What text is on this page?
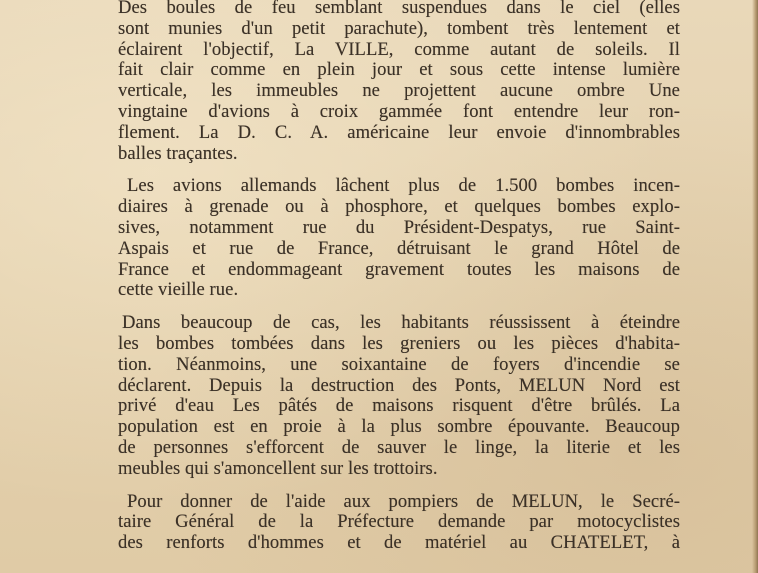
Des boules de feu semblant suspendues dans le ciel (elles
sont munies d'un petit parachute), tombent très lentement et
éclairent l'objectif, La VILLE, comme autant de soleils. Il
fait clair comme en plein jour et sous cette intense lumière
verticale, les immeubles ne projettent aucune ombre Une
vingtaine d'avions à croix gammée font entendre leur ron-
flement. La D. C. A. américaine leur envoie d'innombrables
balles traçantes.

Les avions allemands lâchent plus de 1.500 bombes incen-
diaires à grenade ou à phosphore, et quelques bombes explo-
sives, notamment rue du Président-Despatys, rue Saint-
Aspais et rue de France, détruisant le grand Hôtel de
France et endommageant gravement toutes les maisons de
cette vieille rue.

Dans beaucoup de cas, les habitants réussissent à éteindre
les bombes tombées dans les greniers ou les pièces d'habita-
tion. Néanmoins, une soixantaine de foyers d'incendie se
déclarent. Depuis la destruction des Ponts, MELUN Nord est
privé d'eau Les pâtés de maisons risquent d'être brûlés. La
population est en proie à la plus sombre épouvante. Beaucoup
de personnes s'efforcent de sauver le linge, la literie et les
meubles qui s'amoncellent sur les trottoirs.

Pour donner de l'aide aux pompiers de MELUN, le Secré-
taire Général de la Préfecture demande par motocyclistes
des renforts d'hommes et de matériel au CHATELET, à
